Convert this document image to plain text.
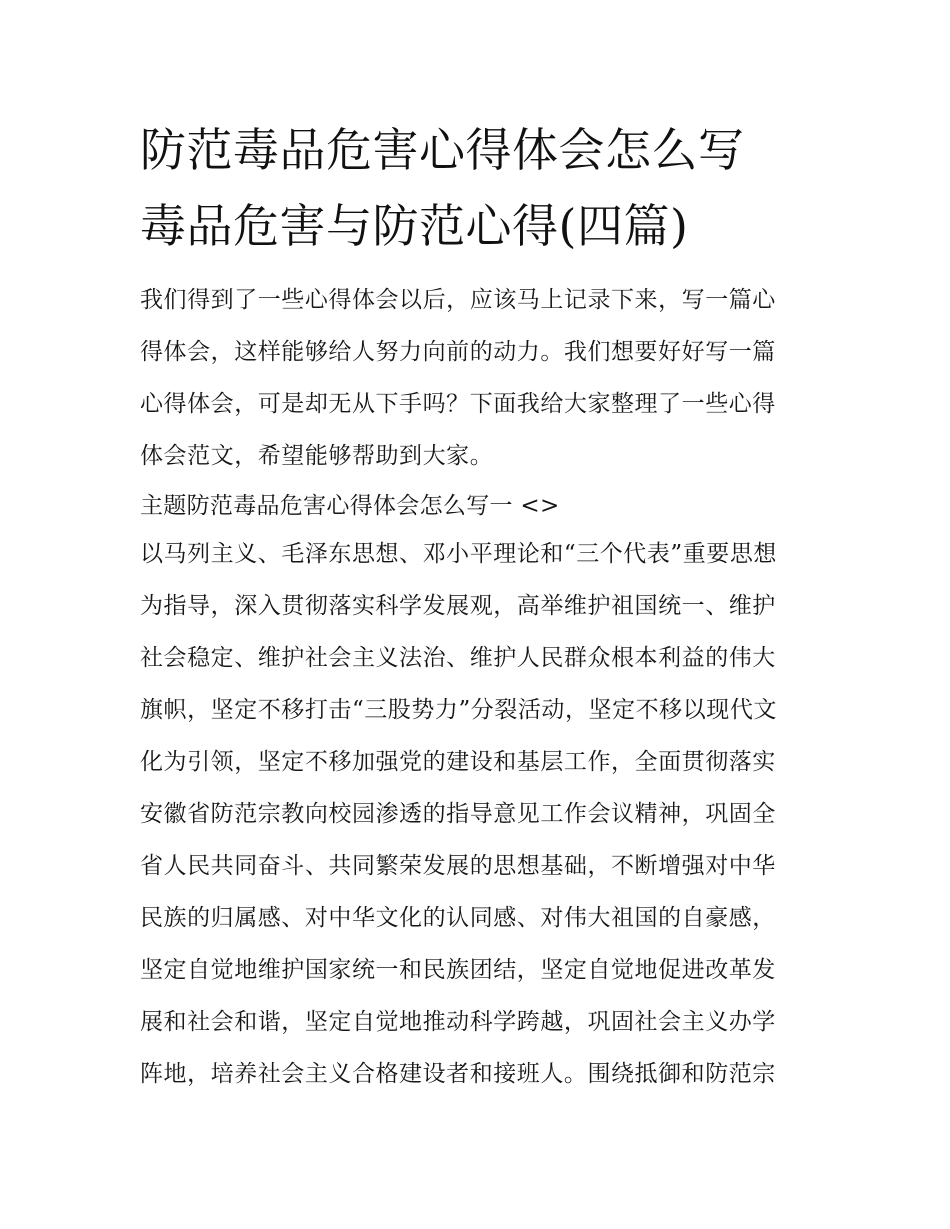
防范毒品危害心得体会怎么写
毒品危害与防范心得(四篇)
我们得到了一些心得体会以后，应该马上记录下来，写一篇心
得体会，这样能够给人努力向前的动力。我们想要好好写一篇
心得体会，可是却无从下手吗？下面我给大家整理了一些心得
体会范文，希望能够帮助到大家。
主题防范毒品危害心得体会怎么写一 <>
以马列主义、毛泽东思想、邓小平理论和“三个代表”重要思想
为指导，深入贯彻落实科学发展观，高举维护祖国统一、维护
社会稳定、维护社会主义法治、维护人民群众根本利益的伟大
旗帜，坚定不移打击“三股势力”分裂活动，坚定不移以现代文
化为引领，坚定不移加强党的建设和基层工作，全面贯彻落实
安徽省防范宗教向校园渗透的指导意见工作会议精神，巩固全
省人民共同奋斗、共同繁荣发展的思想基础，不断增强对中华
民族的归属感、对中华文化的认同感、对伟大祖国的自豪感，
坚定自觉地维护国家统一和民族团结，坚定自觉地促进改革发
展和社会和谐，坚定自觉地推动科学跨越，巩固社会主义办学
阵地，培养社会主义合格建设者和接班人。围绕抵御和防范宗
